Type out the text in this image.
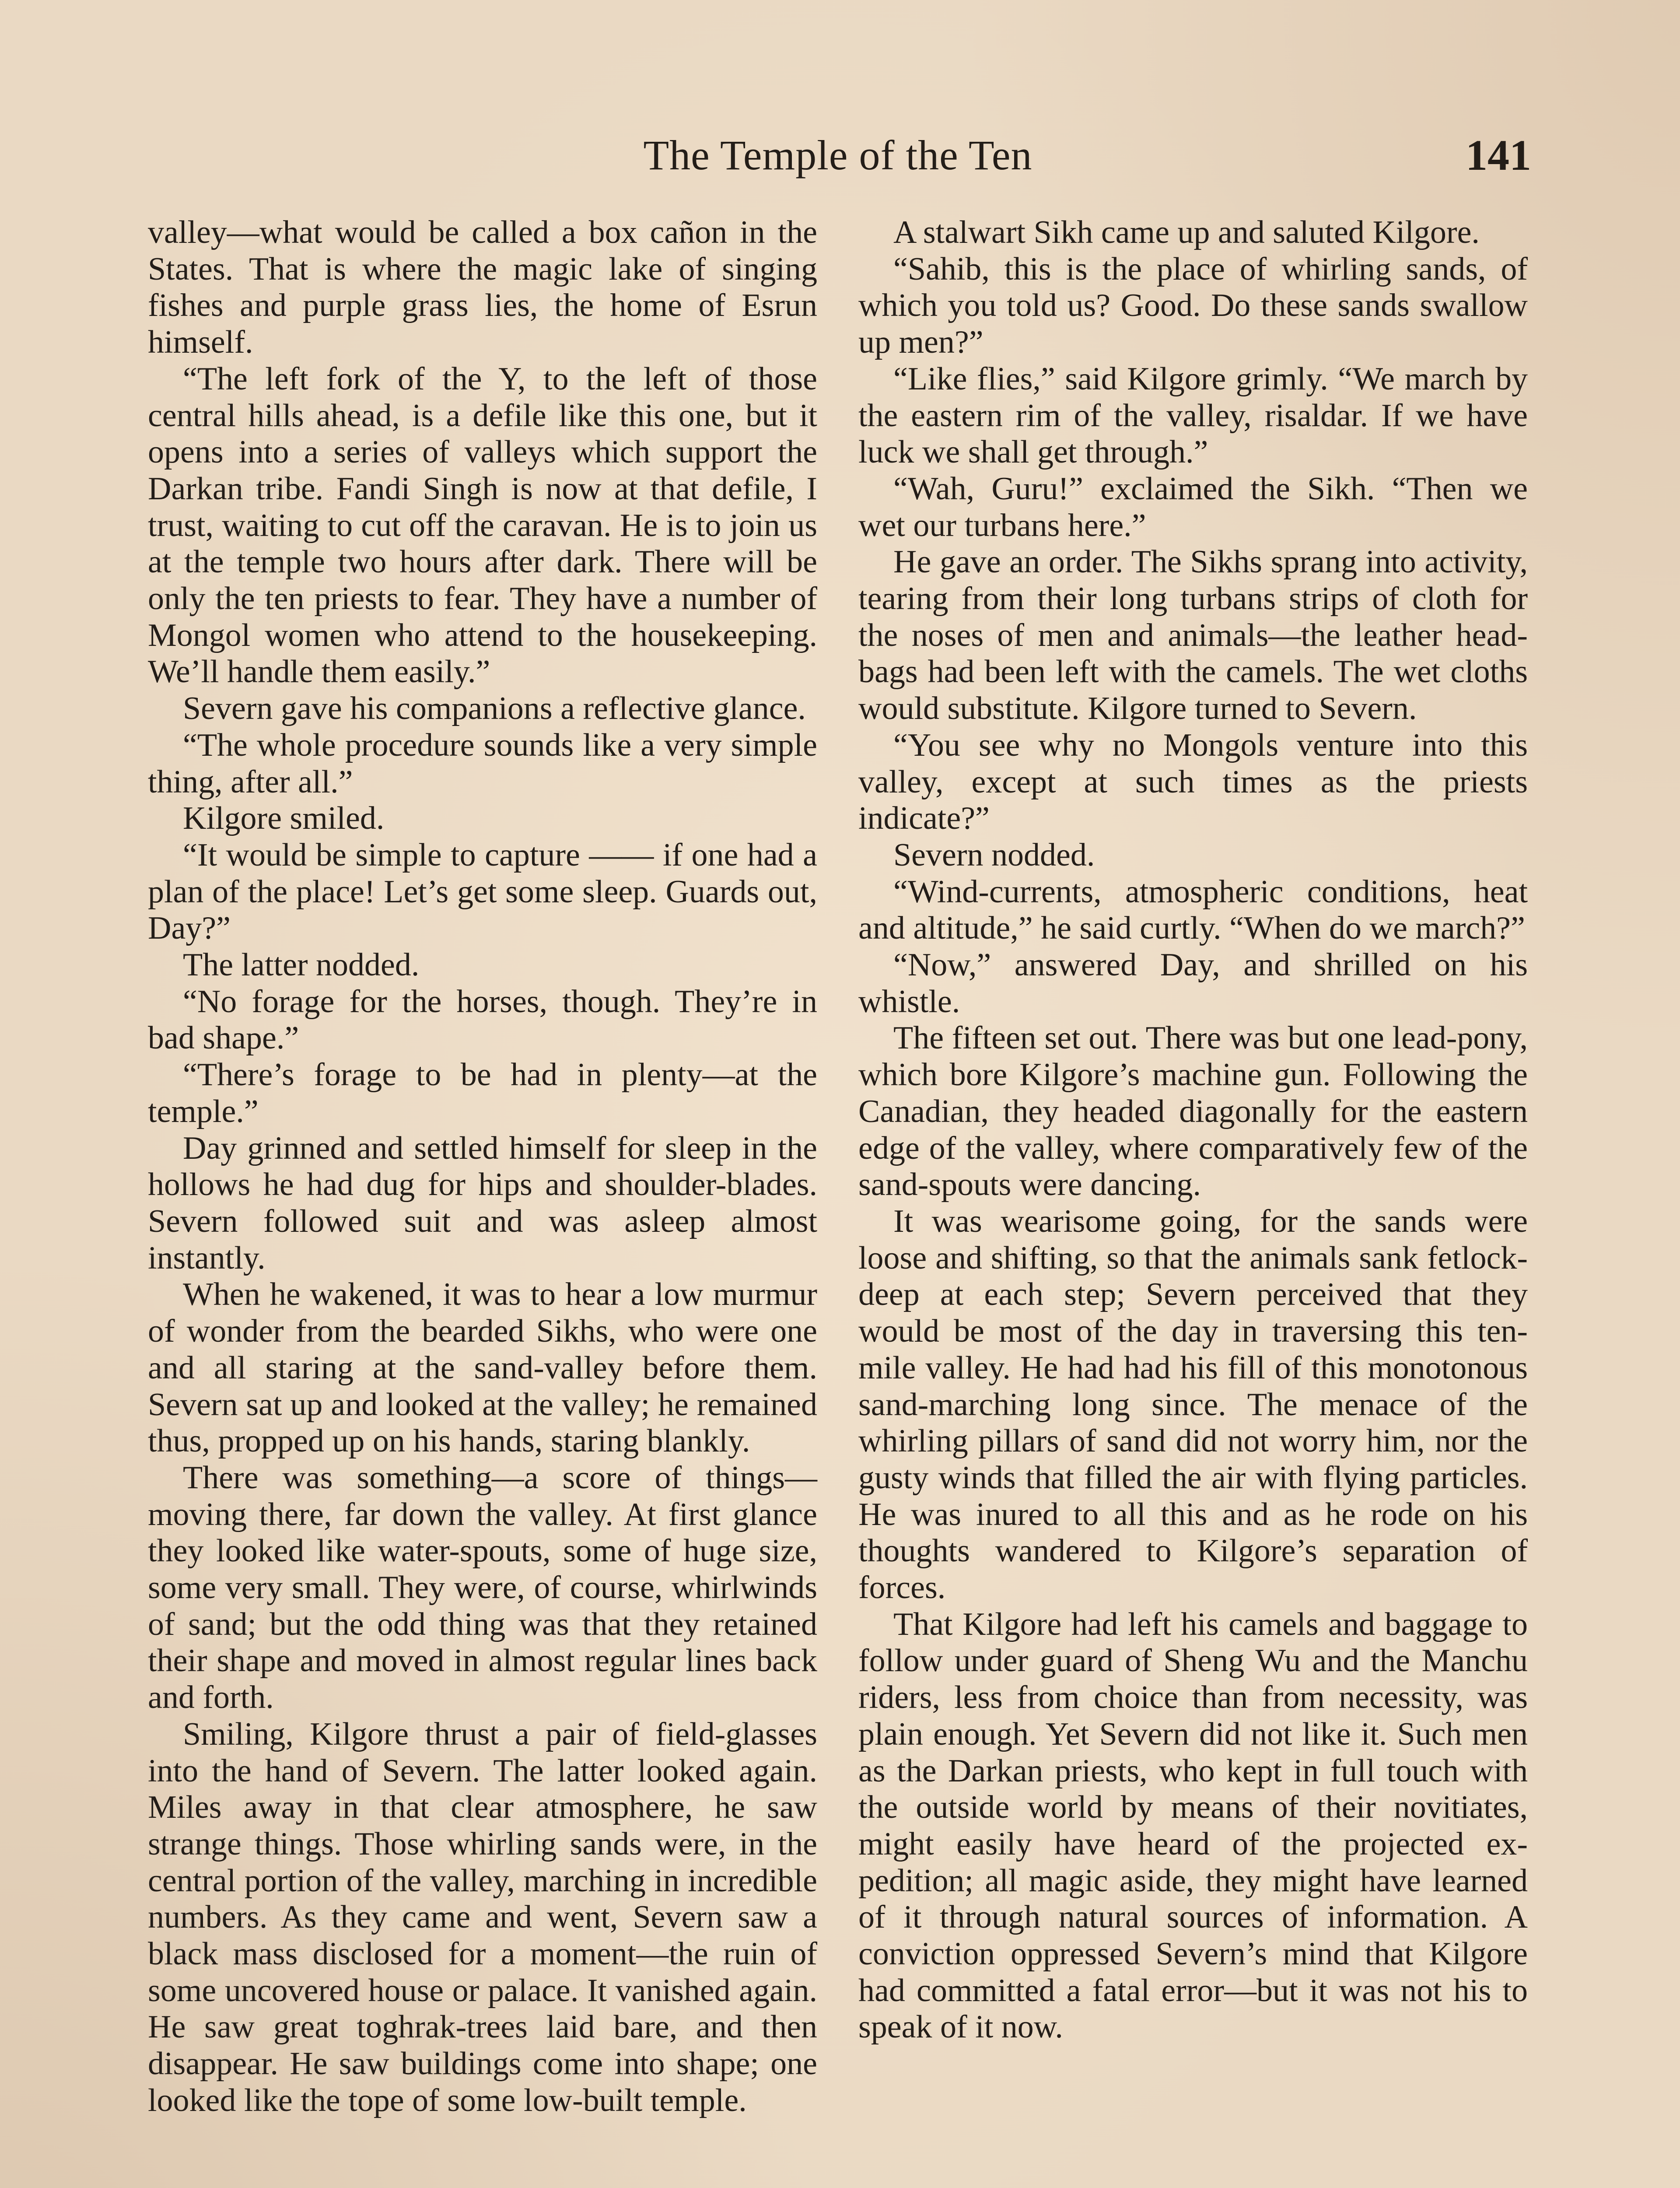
The Temple of the Ten	141

valley—what would be called a box cañon in the States. That is where the magic lake of singing fishes and purple grass lies, the home of Esrun himself.

“The left fork of the Y, to the left of those central hills ahead, is a defile like this one, but it opens into a series of valleys which support the Darkan tribe. Fandi Singh is now at that defile, I trust, waiting to cut off the caravan. He is to join us at the temple two hours after dark. There will be only the ten priests to fear. They have a number of Mongol women who attend to the housekeeping. We’ll handle them easily.”

Severn gave his companions a reflective glance.

“The whole procedure sounds like a very simple thing, after all.”

Kilgore smiled.

“It would be simple to capture —— if one had a plan of the place! Let’s get some sleep. Guards out, Day?”

The latter nodded.

“No forage for the horses, though. They’re in bad shape.”

“There’s forage to be had in plenty—at the temple.”

Day grinned and settled himself for sleep in the hollows he had dug for hips and shoulder-blades. Severn followed suit and was asleep almost instantly.

When he wakened, it was to hear a low murmur of wonder from the bearded Sikhs, who were one and all staring at the sand-valley before them. Severn sat up and looked at the valley; he remained thus, propped up on his hands, staring blankly.

There was something—a score of things—moving there, far down the valley. At first glance they looked like water-spouts, some of huge size, some very small. They were, of course, whirlwinds of sand; but the odd thing was that they retained their shape and moved in almost regular lines back and forth.

Smiling, Kilgore thrust a pair of field-glasses into the hand of Severn. The latter looked again. Miles away in that clear atmosphere, he saw strange things. Those whirling sands were, in the central portion of the valley, marching in incredible numbers. As they came and went, Severn saw a black mass disclosed for a moment—the ruin of some uncovered house or palace. It vanished again. He saw great toghrak-trees laid bare, and then disappear. He saw buildings come into shape; one looked like the tope of some low-built temple.

A stalwart Sikh came up and saluted Kilgore.

“Sahib, this is the place of whirling sands, of which you told us? Good. Do these sands swallow up men?”

“Like flies,” said Kilgore grimly. “We march by the eastern rim of the valley, risaldar. If we have luck we shall get through.”

“Wah, Guru!” exclaimed the Sikh. “Then we wet our turbans here.”

He gave an order. The Sikhs sprang into activity, tearing from their long turbans strips of cloth for the noses of men and animals—the leather head-bags had been left with the camels. The wet cloths would substitute. Kilgore turned to Severn.

“You see why no Mongols venture into this valley, except at such times as the priests indicate?”

Severn nodded.

“Wind-currents, atmospheric conditions, heat and altitude,” he said curtly. “When do we march?”

“Now,” answered Day, and shrilled on his whistle.

The fifteen set out. There was but one lead-pony, which bore Kilgore’s machine gun. Following the Canadian, they headed diagonally for the eastern edge of the valley, where comparatively few of the sand-spouts were dancing.

It was wearisome going, for the sands were loose and shifting, so that the animals sank fetlock-deep at each step; Severn perceived that they would be most of the day in traversing this ten-mile valley. He had had his fill of this monotonous sand-marching long since. The menace of the whirling pillars of sand did not worry him, nor the gusty winds that filled the air with flying particles. He was inured to all this and as he rode on his thoughts wandered to Kilgore’s separation of forces.

That Kilgore had left his camels and baggage to follow under guard of Sheng Wu and the Manchu riders, less from choice than from necessity, was plain enough. Yet Severn did not like it. Such men as the Darkan priests, who kept in full touch with the outside world by means of their novitiates, might easily have heard of the projected expedition; all magic aside, they might have learned of it through natural sources of information. A conviction oppressed Severn’s mind that Kilgore had committed a fatal error—but it was not his to speak of it now.
